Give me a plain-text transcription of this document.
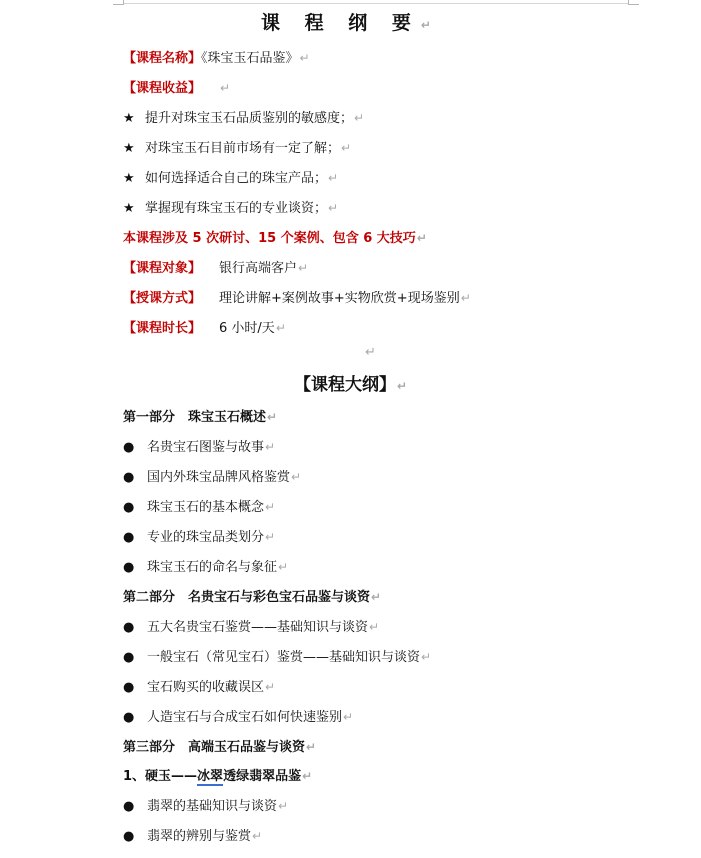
课 程 纲 要↵
【课程名称】《珠宝玉石品鉴》↵
【课程收益】 ↵
★ 提升对珠宝玉石品质鉴别的敏感度；↵
★ 对珠宝玉石目前市场有一定了解；↵
★ 如何选择适合自己的珠宝产品；↵
★ 掌握现有珠宝玉石的专业谈资；↵
本课程涉及 5 次研讨、15 个案例、包含 6 大技巧↵
【课程对象】 银行高端客户↵
【授课方式】 理论讲解+案例故事+实物欣赏+现场鉴别↵
【课程时长】 6 小时/天↵
↵
【课程大纲】↵
第一部分　珠宝玉石概述↵
● 名贵宝石图鉴与故事↵
● 国内外珠宝品牌风格鉴赏↵
● 珠宝玉石的基本概念↵
● 专业的珠宝品类划分↵
● 珠宝玉石的命名与象征↵
第二部分　名贵宝石与彩色宝石品鉴与谈资↵
● 五大名贵宝石鉴赏——基础知识与谈资↵
● 一般宝石（常见宝石）鉴赏——基础知识与谈资↵
● 宝石购买的收藏误区↵
● 人造宝石与合成宝石如何快速鉴别↵
第三部分　高端玉石品鉴与谈资↵
1、硬玉——冰翠透绿翡翠品鉴↵
● 翡翠的基础知识与谈资↵
● 翡翠的辨别与鉴赏↵
